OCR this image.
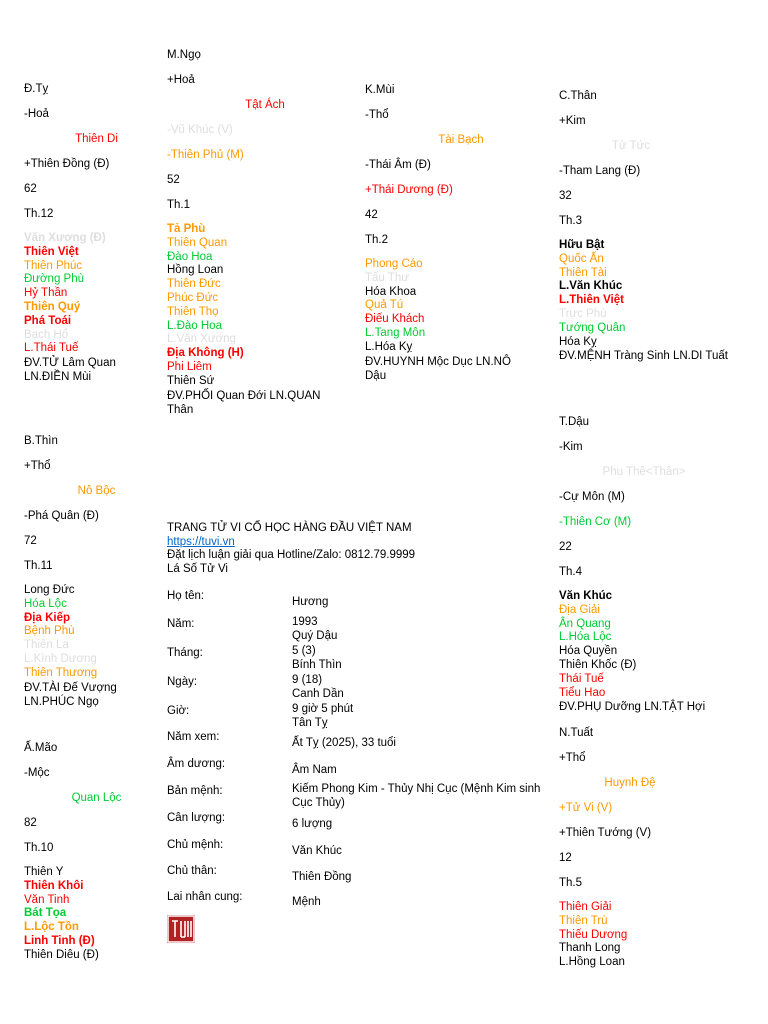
Đ.Tỵ
-Hoả
Thiên Di
+Thiên Đồng (Đ)
62
Th.12
Văn Xương (Đ)
Thiên Việt
Thiên Phúc
Đường Phù
Hỷ Thần
Thiên Quý
Phá Toái
Bạch Hổ
L.Thái Tuế
ĐV.TỬ Lâm Quan LN.ĐIỀN Mùi
M.Ngọ
+Hoả
Tật Ách
-Vũ Khúc (V)
-Thiên Phủ (M)
52
Th.1
Tả Phù
Thiên Quan
Đào Hoa
Hồng Loan
Thiên Đức
Phúc Đức
Thiên Thọ
L.Đào Hoa
L.Văn Xương
Địa Không (H)
Phi Liêm
Thiên Sứ
ĐV.PHỐI Quan Đới LN.QUAN Thân
K.Mùi
-Thổ
Tài Bạch
-Thái Âm (Đ)
+Thái Dương (Đ)
42
Th.2
Phong Cáo
Tấu Thư
Hóa Khoa
Quả Tú
Điếu Khách
L.Tang Môn
L.Hóa Kỵ
ĐV.HUYNH Mộc Dục LN.NÔ Dậu
C.Thân
+Kim
Tử Tức
-Tham Lang (Đ)
32
Th.3
Hữu Bật
Quốc Ấn
Thiên Tài
L.Văn Khúc
L.Thiên Việt
Trực Phù
Tướng Quân
Hóa Kỵ
ĐV.MỆNH Tràng Sinh LN.DI Tuất
B.Thìn
+Thổ
Nô Bộc
-Phá Quân (Đ)
72
Th.11
Long Đức
Hóa Lộc
Địa Kiếp
Bệnh Phù
Thiên La
L.Kình Dương
Thiên Thương
ĐV.TÀI Đế Vượng LN.PHÚC Ngọ
T.Dậu
-Kim
Phu Thê<Thân>
-Cự Môn (M)
-Thiên Cơ (M)
22
Th.4
Văn Khúc
Địa Giải
Ân Quang
L.Hóa Lộc
Hóa Quyền
Thiên Khốc (Đ)
Thái Tuế
Tiểu Hao
ĐV.PHỤ Dưỡng LN.TẬT Hợi
Ấ.Mão
-Mộc
Quan Lộc
82
Th.10
Thiên Y
Thiên Khôi
Văn Tinh
Bát Tọa
L.Lộc Tồn
Linh Tinh (Đ)
Thiên Diêu (Đ)
N.Tuất
+Thổ
Huynh Đệ
+Tử Vi (V)
+Thiên Tướng (V)
12
Th.5
Thiên Giải
Thiên Trù
Thiếu Dương
Thanh Long
L.Hồng Loan
TRANG TỬ VI CỔ HỌC HÀNG ĐẦU VIỆT NAM
https://tuvi.vn
Đặt lịch luận giải qua Hotline/Zalo: 0812.79.9999
Lá Số Tử Vi
Họ tên:	Hương
Năm:	1993
Quý Dậu
Tháng:	5 (3)
Bính Thìn
Ngày:	9 (18)
Canh Dần
Giờ:	9 giờ 5 phút
Tân Tỵ
Năm xem:	Ất Tỵ (2025), 33 tuổi
Âm dương:	Âm Nam
Bản mệnh:	Kiếm Phong Kim - Thủy Nhị Cục (Mệnh Kim sinh Cục Thủy)
Cân lượng:	6 lượng
Chủ mệnh:	Văn Khúc
Chủ thân:	Thiên Đồng
Lai nhân cung:	Mệnh
